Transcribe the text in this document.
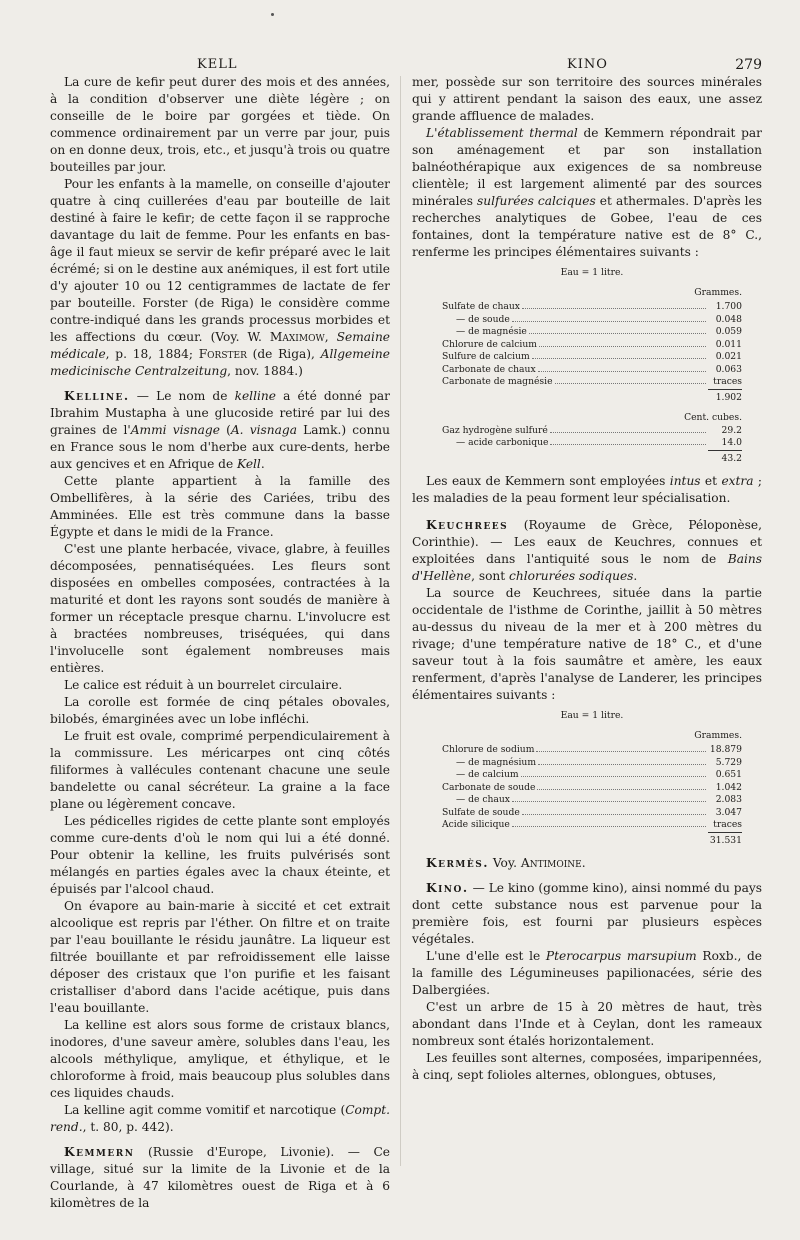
KELL	KINO	279

La cure de kefir peut durer des mois et des années, à la condition d'observer une diète légère ; on conseille de le boire par gorgées et tiède. On commence ordinairement par un verre par jour, puis on en donne deux, trois, etc., et jusqu'à trois ou quatre bouteilles par jour.

Pour les enfants à la mamelle, on conseille d'ajouter quatre à cinq cuillerées d'eau par bouteille de lait destiné à faire le kefir; de cette façon il se rapproche davantage du lait de femme. Pour les enfants en bas-âge il faut mieux se servir de kefir préparé avec le lait écrémé; si on le destine aux anémiques, il est fort utile d'y ajouter 10 ou 12 centigrammes de lactate de fer par bouteille. Forster (de Riga) le considère comme contre-indiqué dans les grands processus morbides et les affections du cœur. (Voy. W. Maximow, Semaine médicale, p. 18, 1884; Forster (de Riga), Allgemeine medicinische Centralzeitung, nov. 1884.)

Kelline. — Le nom de kelline a été donné par Ibrahim Mustapha à une glucoside retiré par lui des graines de l'Ammi visnage (A. visnaga Lamk.) connu en France sous le nom d'herbe aux cure-dents, herbe aux gencives et en Afrique de Kell.

Cette plante appartient à la famille des Ombellifères, à la série des Cariées, tribu des Amminées. Elle est très commune dans la basse Égypte et dans le midi de la France.

C'est une plante herbacée, vivace, glabre, à feuilles décomposées, pennatiséquées. Les fleurs sont disposées en ombelles composées, contractées à la maturité et dont les rayons sont soudés de manière à former un réceptacle presque charnu. L'involucre est à bractées nombreuses, triséquées, qui dans l'involucelle sont également nombreuses mais entières.

Le calice est réduit à un bourrelet circulaire.

La corolle est formée de cinq pétales obovales, bilobés, émarginées avec un lobe infléchi.

Le fruit est ovale, comprimé perpendiculairement à la commissure. Les méricarpes ont cinq côtés filiformes à vallécules contenant chacune une seule bandelette ou canal sécréteur. La graine a la face plane ou légèrement concave.

Les pédicelles rigides de cette plante sont employés comme cure-dents d'où le nom qui lui a été donné. Pour obtenir la kelline, les fruits pulvérisés sont mélangés en parties égales avec la chaux éteinte, et épuisés par l'alcool chaud.

On évapore au bain-marie à siccité et cet extrait alcoolique est repris par l'éther. On filtre et on traite par l'eau bouillante le résidu jaunâtre. La liqueur est filtrée bouillante et par refroidissement elle laisse déposer des cristaux que l'on purifie et les faisant cristalliser d'abord dans l'acide acétique, puis dans l'eau bouillante.

La kelline est alors sous forme de cristaux blancs, inodores, d'une saveur amère, solubles dans l'eau, les alcools méthylique, amylique, et éthylique, et le chloroforme à froid, mais beaucoup plus solubles dans ces liquides chauds.

La kelline agit comme vomitif et narcotique (Compt. rend., t. 80, p. 442).

Kemmern (Russie d'Europe, Livonie). — Ce village, situé sur la limite de la Livonie et de la Courlande, à 47 kilomètres ouest de Riga et à 6 kilomètres de la

mer, possède sur son territoire des sources minérales qui y attirent pendant la saison des eaux, une assez grande affluence de malades.

L'établissement thermal de Kemmern répondrait par son aménagement et par son installation balnéothérapique aux exigences de sa nombreuse clientèle; il est largement alimenté par des sources minérales sulfurées calciques et athermales. D'après les recherches analytiques de Gobee, l'eau de ces fontaines, dont la température native est de 8° C., renferme les principes élémentaires suivants :

Eau = 1 litre.
Grammes.
Sulfate de chaux	1.700
— de soude	0.048
— de magnésie	0.059
Chlorure de calcium	0.011
Sulfure de calcium	0.021
Carbonate de chaux	0.063
Carbonate de magnésie	traces
1.902
Cent. cubes.
Gaz hydrogène sulfuré	29.2
— acide carbonique	14.0
43.2

Les eaux de Kemmern sont employées intus et extra ; les maladies de la peau forment leur spécialisation.

Keuchrees (Royaume de Grèce, Péloponèse, Corinthie). — Les eaux de Keuchres, connues et exploitées dans l'antiquité sous le nom de Bains d'Hellène, sont chlorurées sodiques.

La source de Keuchrees, située dans la partie occidentale de l'isthme de Corinthe, jaillit à 50 mètres au-dessus du niveau de la mer et à 200 mètres du rivage; d'une température native de 18° C., et d'une saveur tout à la fois saumâtre et amère, les eaux renferment, d'après l'analyse de Landerer, les principes élémentaires suivants :

Eau = 1 litre.
Grammes.
Chlorure de sodium	18.879
— de magnésium	5.729
— de calcium	0.651
Carbonate de soude	1.042
— de chaux	2.083
Sulfate de soude	3.047
Acide silicique	traces
31.531

Kermès. Voy. Antimoine.

Kino. — Le kino (gomme kino), ainsi nommé du pays dont cette substance nous est parvenue pour la première fois, est fourni par plusieurs espèces végétales.

L'une d'elle est le Pterocarpus marsupium Roxb., de la famille des Légumineuses papilionacées, série des Dalbergiées.

C'est un arbre de 15 à 20 mètres de haut, très abondant dans l'Inde et à Ceylan, dont les rameaux nombreux sont étalés horizontalement.

Les feuilles sont alternes, composées, imparipennées, à cinq, sept folioles alternes, oblongues, obtuses,
